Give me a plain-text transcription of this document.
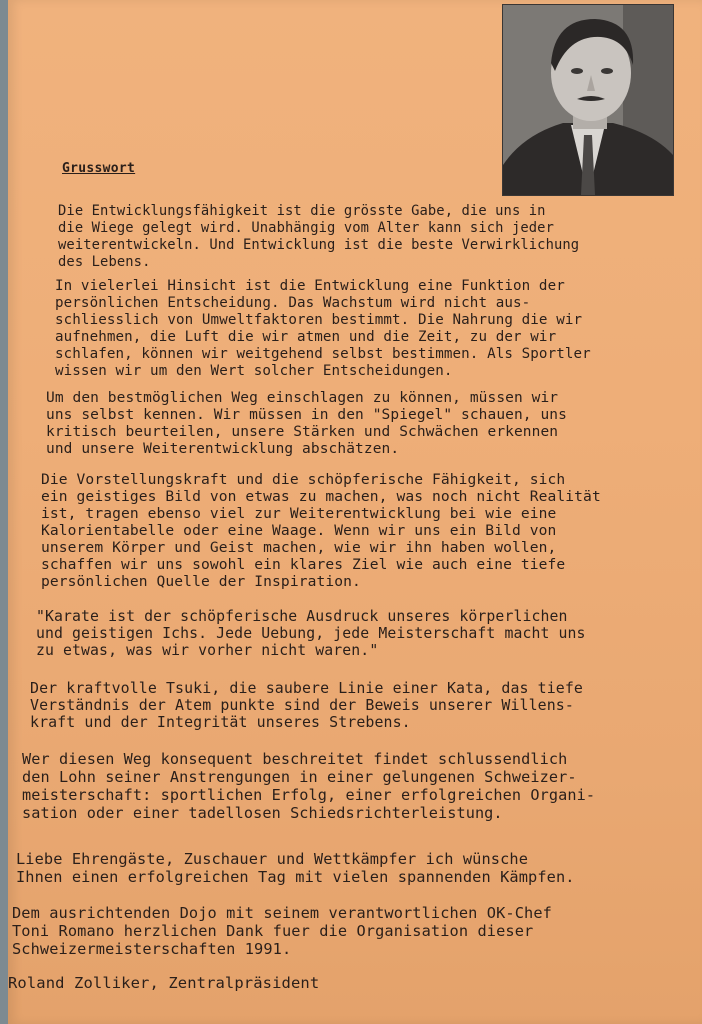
Grusswort
Die Entwicklungsfähigkeit ist die grösste Gabe, die uns in
die Wiege gelegt wird. Unabhängig vom Alter kann sich jeder
weiterentwickeln. Und Entwicklung ist die beste Verwirklichung
des Lebens.
In vielerlei Hinsicht ist die Entwicklung eine Funktion der
persönlichen Entscheidung. Das Wachstum wird nicht aus-
schliesslich von Umweltfaktoren bestimmt. Die Nahrung die wir
aufnehmen, die Luft die wir atmen und die Zeit, zu der wir
schlafen, können wir weitgehend selbst bestimmen. Als Sportler
wissen wir um den Wert solcher Entscheidungen.
Um den bestmöglichen Weg einschlagen zu können, müssen wir
uns selbst kennen. Wir müssen in den "Spiegel" schauen, uns
kritisch beurteilen, unsere Stärken und Schwächen erkennen
und unsere Weiterentwicklung abschätzen.
Die Vorstellungskraft und die schöpferische Fähigkeit, sich
ein geistiges Bild von etwas zu machen, was noch nicht Realität
ist, tragen ebenso viel zur Weiterentwicklung bei wie eine
Kalorientabelle oder eine Waage. Wenn wir uns ein Bild von
unserem Körper und Geist machen, wie wir ihn haben wollen,
schaffen wir uns sowohl ein klares Ziel wie auch eine tiefe
persönlichen Quelle der Inspiration.
"Karate ist der schöpferische Ausdruck unseres körperlichen
und geistigen Ichs. Jede Uebung, jede Meisterschaft macht uns
zu etwas, was wir vorher nicht waren."
Der kraftvolle Tsuki, die saubere Linie einer Kata, das tiefe
Verständnis der Atem punkte sind der Beweis unserer Willens-
kraft und der Integrität unseres Strebens.
Wer diesen Weg konsequent beschreitet findet schlussendlich
den Lohn seiner Anstrengungen in einer gelungenen Schweizer-
meisterschaft: sportlichen Erfolg, einer erfolgreichen Organi-
sation oder einer tadellosen Schiedsrichterleistung.
Liebe Ehrengäste, Zuschauer und Wettkämpfer ich wünsche
Ihnen einen erfolgreichen Tag mit vielen spannenden Kämpfen.
Dem ausrichtenden Dojo mit seinem verantwortlichen OK-Chef
Toni Romano herzlichen Dank fuer die Organisation dieser
Schweizermeisterschaften 1991.
Roland Zolliker, Zentralpräsident
